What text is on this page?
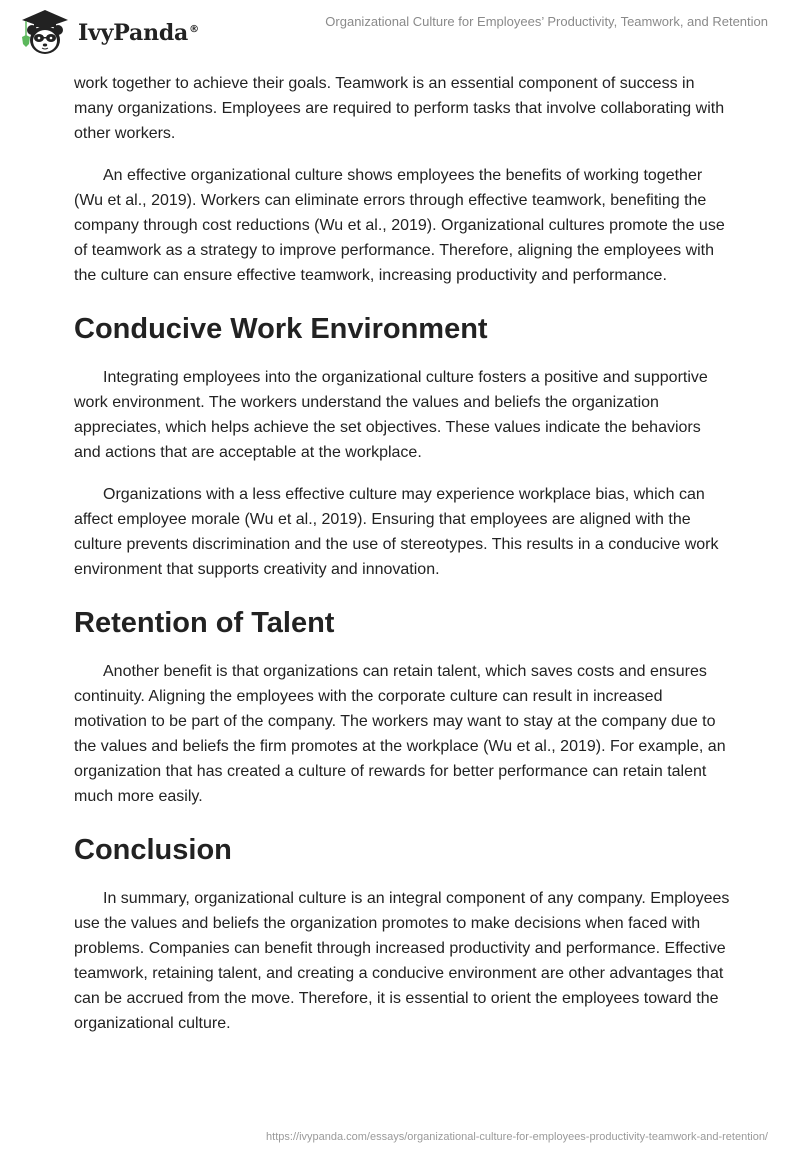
IvyPanda®
Organizational Culture for Employees’ Productivity, Teamwork, and Retention

work together to achieve their goals. Teamwork is an essential component of success in many organizations. Employees are required to perform tasks that involve collaborating with other workers.

An effective organizational culture shows employees the benefits of working together (Wu et al., 2019). Workers can eliminate errors through effective teamwork, benefiting the company through cost reductions (Wu et al., 2019). Organizational cultures promote the use of teamwork as a strategy to improve performance. Therefore, aligning the employees with the culture can ensure effective teamwork, increasing productivity and performance.

Conducive Work Environment

Integrating employees into the organizational culture fosters a positive and supportive work environment. The workers understand the values and beliefs the organization appreciates, which helps achieve the set objectives. These values indicate the behaviors and actions that are acceptable at the workplace.

Organizations with a less effective culture may experience workplace bias, which can affect employee morale (Wu et al., 2019). Ensuring that employees are aligned with the culture prevents discrimination and the use of stereotypes. This results in a conducive work environment that supports creativity and innovation.

Retention of Talent

Another benefit is that organizations can retain talent, which saves costs and ensures continuity. Aligning the employees with the corporate culture can result in increased motivation to be part of the company. The workers may want to stay at the company due to the values and beliefs the firm promotes at the workplace (Wu et al., 2019). For example, an organization that has created a culture of rewards for better performance can retain talent much more easily.

Conclusion

In summary, organizational culture is an integral component of any company. Employees use the values and beliefs the organization promotes to make decisions when faced with problems. Companies can benefit through increased productivity and performance. Effective teamwork, retaining talent, and creating a conducive environment are other advantages that can be accrued from the move. Therefore, it is essential to orient the employees toward the organizational culture.

https://ivypanda.com/essays/organizational-culture-for-employees-productivity-teamwork-and-retention/
